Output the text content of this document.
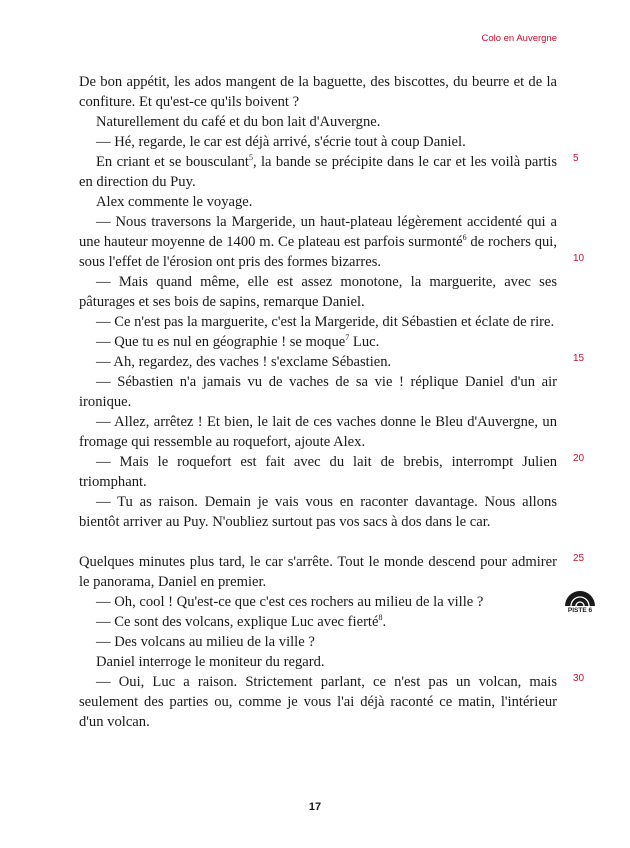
Colo en Auvergne

De bon appétit, les ados mangent de la baguette, des biscottes, du beurre et de la confiture. Et qu'est-ce qu'ils boivent ?

Naturellement du café et du bon lait d'Auvergne.

— Hé, regarde, le car est déjà arrivé, s'écrie tout à coup Daniel.

En criant et se bousculant$^5$, la bande se précipite dans le car et les voilà partis en direction du Puy.

Alex commente le voyage.

— Nous traversons la Margeride, un haut-plateau légèrement accidenté qui a une hauteur moyenne de 1400 m. Ce plateau est parfois surmonté$^6$ de rochers qui, sous l'effet de l'érosion ont pris des formes bizarres.

— Mais quand même, elle est assez monotone, la marguerite, avec ses pâturages et ses bois de sapins, remarque Daniel.

— Ce n'est pas la marguerite, c'est la Margeride, dit Sébastien et éclate de rire.

— Que tu es nul en géographie ! se moque$^7$ Luc.

— Ah, regardez, des vaches ! s'exclame Sébastien.

— Sébastien n'a jamais vu de vaches de sa vie ! réplique Daniel d'un air ironique.

— Allez, arrêtez ! Et bien, le lait de ces vaches donne le Bleu d'Auvergne, un fromage qui ressemble au roquefort, ajoute Alex.

— Mais le roquefort est fait avec du lait de brebis, interrompt Julien triomphant.

— Tu as raison. Demain je vais vous en raconter davantage. Nous allons bientôt arriver au Puy. N'oubliez surtout pas vos sacs à dos dans le car.

Quelques minutes plus tard, le car s'arrête. Tout le monde descend pour admirer le panorama, Daniel en premier.

— Oh, cool ! Qu'est-ce que c'est ces rochers au milieu de la ville ?

— Ce sont des volcans, explique Luc avec fierté$^8$.

— Des volcans au milieu de la ville ?

Daniel interroge le moniteur du regard.

— Oui, Luc a raison. Strictement parlant, ce n'est pas un volcan, mais seulement des parties ou, comme je vous l'ai déjà raconté ce matin, l'intérieur d'un volcan.

5
10
15
20
25
30
PISTE 6
17
